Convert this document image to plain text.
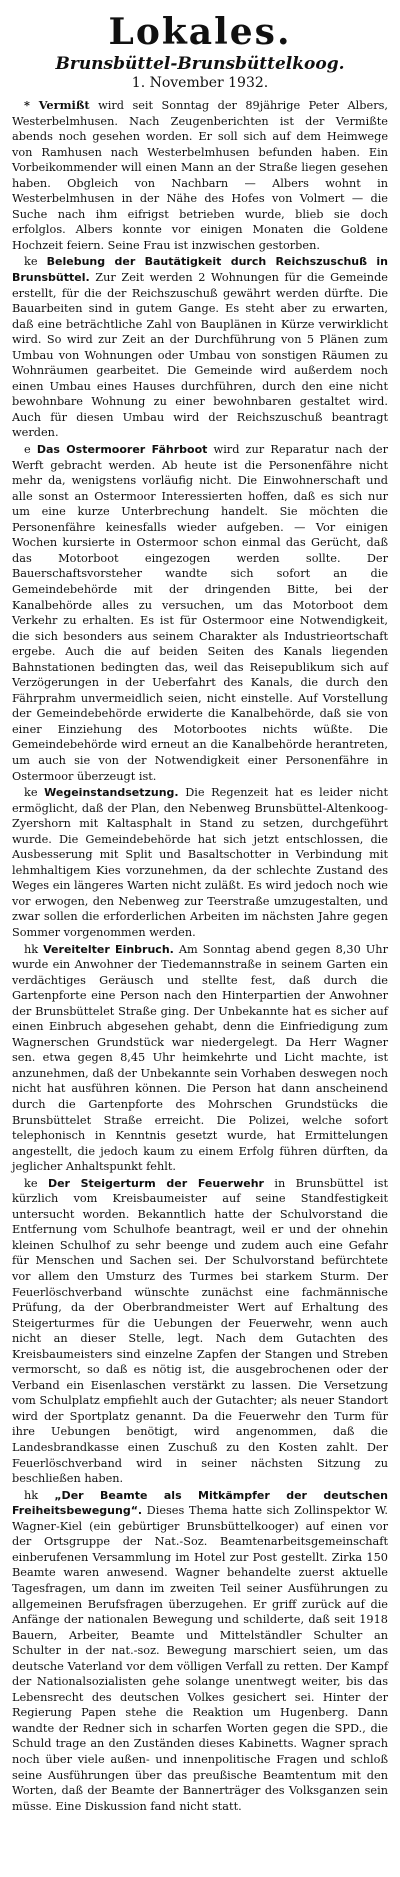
Lokales.
Brunsbüttel-Brunsbüttelkoog.
1. November 1932.

* Vermißt wird seit Sonntag der 89jährige Peter Albers, Westerbelmhusen. Nach Zeugenberichten ist der Vermißte abends noch gesehen worden. Er soll sich auf dem Heimwege von Ramhusen nach Westerbelmhusen befunden haben. Ein Vorbeikommender will einen Mann an der Straße liegen gesehen haben. Obgleich von Nachbarn — Albers wohnt in Westerbelmhusen in der Nähe des Hofes von Volmert — die Suche nach ihm eifrigst betrieben wurde, blieb sie doch erfolglos. Albers konnte vor einigen Monaten die Goldene Hochzeit feiern. Seine Frau ist inzwischen gestorben.

ke Belebung der Bautätigkeit durch Reichszuschuß in Brunsbüttel. Zur Zeit werden 2 Wohnungen für die Gemeinde erstellt, für die der Reichszuschuß gewährt werden dürfte. Die Bauarbeiten sind in gutem Gange. Es steht aber zu erwarten, daß eine beträchtliche Zahl von Bauplänen in Kürze verwirklicht wird. So wird zur Zeit an der Durchführung von 5 Plänen zum Umbau von Wohnungen oder Umbau von sonstigen Räumen zu Wohnräumen gearbeitet. Die Gemeinde wird außerdem noch einen Umbau eines Hauses durchführen, durch den eine nicht bewohnbare Wohnung zu einer bewohnbaren gestaltet wird. Auch für diesen Umbau wird der Reichszuschuß beantragt werden.

e Das Ostermoorer Fährboot wird zur Reparatur nach der Werft gebracht werden. Ab heute ist die Personenfähre nicht mehr da, wenigstens vorläufig nicht. Die Einwohnerschaft und alle sonst an Ostermoor Interessierten hoffen, daß es sich nur um eine kurze Unterbrechung handelt. Sie möchten die Personenfähre keinesfalls wieder aufgeben. — Vor einigen Wochen kursierte in Ostermoor schon einmal das Gerücht, daß das Motorboot eingezogen werden sollte. Der Bauerschaftsvorsteher wandte sich sofort an die Gemeindebehörde mit der dringenden Bitte, bei der Kanalbehörde alles zu versuchen, um das Motorboot dem Verkehr zu erhalten. Es ist für Ostermoor eine Notwendigkeit, die sich besonders aus seinem Charakter als Industrieortschaft ergebe. Auch die auf beiden Seiten des Kanals liegenden Bahnstationen bedingten das, weil das Reisepublikum sich auf Verzögerungen in der Ueberfahrt des Kanals, die durch den Fährprahm unvermeidlich seien, nicht einstelle. Auf Vorstellung der Gemeindebehörde erwiderte die Kanalbehörde, daß sie von einer Einziehung des Motorbootes nichts wüßte. Die Gemeindebehörde wird erneut an die Kanalbehörde herantreten, um auch sie von der Notwendigkeit einer Personenfähre in Ostermoor überzeugt ist.

ke Wegeinstandsetzung. Die Regenzeit hat es leider nicht ermöglicht, daß der Plan, den Nebenweg Brunsbüttel-Altenkoog-Zyershorn mit Kaltasphalt in Stand zu setzen, durchgeführt wurde. Die Gemeindebehörde hat sich jetzt entschlossen, die Ausbesserung mit Split und Basaltschotter in Verbindung mit lehmhaltigem Kies vorzunehmen, da der schlechte Zustand des Weges ein längeres Warten nicht zuläßt. Es wird jedoch noch wie vor erwogen, den Nebenweg zur Teerstraße umzugestalten, und zwar sollen die erforderlichen Arbeiten im nächsten Jahre gegen Sommer vorgenommen werden.

hk Vereitelter Einbruch. Am Sonntag abend gegen 8,30 Uhr wurde ein Anwohner der Tiedemannstraße in seinem Garten ein verdächtiges Geräusch und stellte fest, daß durch die Gartenpforte eine Person nach den Hinterpartien der Anwohner der Brunsbüttelet Straße ging. Der Unbekannte hat es sicher auf einen Einbruch abgesehen gehabt, denn die Einfriedigung zum Wagnerschen Grundstück war niedergelegt. Da Herr Wagner sen. etwa gegen 8,45 Uhr heimkehrte und Licht machte, ist anzunehmen, daß der Unbekannte sein Vorhaben deswegen noch nicht hat ausführen können. Die Person hat dann anscheinend durch die Gartenpforte des Mohrschen Grundstücks die Brunsbüttelet Straße erreicht. Die Polizei, welche sofort telephonisch in Kenntnis gesetzt wurde, hat Ermittelungen angestellt, die jedoch kaum zu einem Erfolg führen dürften, da jeglicher Anhaltspunkt fehlt.

ke Der Steigerturm der Feuerwehr in Brunsbüttel ist kürzlich vom Kreisbaumeister auf seine Standfestigkeit untersucht worden. Bekanntlich hatte der Schulvorstand die Entfernung vom Schulhofe beantragt, weil er und der ohnehin kleinen Schulhof zu sehr beenge und zudem auch eine Gefahr für Menschen und Sachen sei. Der Schulvorstand befürchtete vor allem den Umsturz des Turmes bei starkem Sturm. Der Feuerlöschverband wünschte zunächst eine fachmännische Prüfung, da der Oberbrandmeister Wert auf Erhaltung des Steigerturmes für die Uebungen der Feuerwehr, wenn auch nicht an dieser Stelle, legt. Nach dem Gutachten des Kreisbaumeisters sind einzelne Zapfen der Stangen und Streben vermorscht, so daß es nötig ist, die ausgebrochenen oder der Verband ein Eisenlaschen verstärkt zu lassen. Die Versetzung vom Schulplatz empfiehlt auch der Gutachter; als neuer Standort wird der Sportplatz genannt. Da die Feuerwehr den Turm für ihre Uebungen benötigt, wird angenommen, daß die Landesbrandkasse einen Zuschuß zu den Kosten zahlt. Der Feuerlöschverband wird in seiner nächsten Sitzung zu beschließen haben.

hk „Der Beamte als Mitkämpfer der deutschen Freiheitsbewegung“. Dieses Thema hatte sich Zollinspektor W. Wagner-Kiel (ein gebürtiger Brunsbüttelkooger) auf einen vor der Ortsgruppe der Nat.-Soz. Beamtenarbeitsgemeinschaft einberufenen Versammlung im Hotel zur Post gestellt. Zirka 150 Beamte waren anwesend. Wagner behandelte zuerst aktuelle Tagesfragen, um dann im zweiten Teil seiner Ausführungen zu allgemeinen Berufsfragen überzugehen. Er griff zurück auf die Anfänge der nationalen Bewegung und schilderte, daß seit 1918 Bauern, Arbeiter, Beamte und Mittelständler Schulter an Schulter in der nat.-soz. Bewegung marschiert seien, um das deutsche Vaterland vor dem völligen Verfall zu retten. Der Kampf der Nationalsozialisten gehe solange unentwegt weiter, bis das Lebensrecht des deutschen Volkes gesichert sei. Hinter der Regierung Papen stehe die Reaktion um Hugenberg. Dann wandte der Redner sich in scharfen Worten gegen die SPD., die Schuld trage an den Zuständen dieses Kabinetts. Wagner sprach noch über viele außen- und innenpolitische Fragen und schloß seine Ausführungen über das preußische Beamtentum mit den Worten, daß der Beamte der Bannerträger des Volksganzen sein müsse. Eine Diskussion fand nicht statt.
